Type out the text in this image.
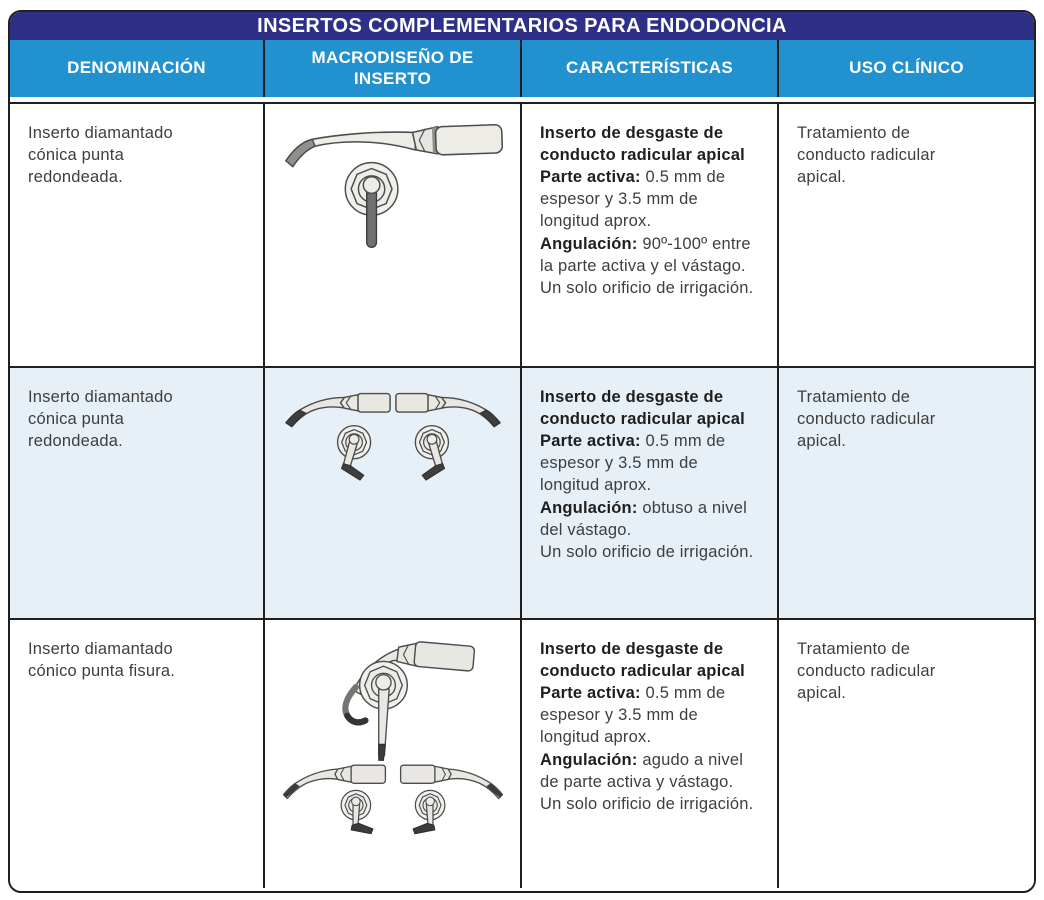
INSERTOS COMPLEMENTARIOS PARA ENDODONCIA
DENOMINACIÓN
MACRODISEÑO DE INSERTO
CARACTERÍSTICAS	USO CLÍNICO

Inserto diamantado cónica punta redondeada.

Inserto de desgaste de conducto radicular apical
Parte activa: 0.5 mm de espesor y 3.5 mm de longitud aprox.
Angulación: 90º-100º entre la parte activa y el vástago.
Un solo orificio de irrigación.

Tratamiento de conducto radicular apical.

Inserto diamantado cónica punta redondeada.

Inserto de desgaste de conducto radicular apical
Parte activa: 0.5 mm de espesor y 3.5 mm de longitud aprox.
Angulación: obtuso a nivel del vástago.
Un solo orificio de irrigación.

Tratamiento de conducto radicular apical.

Inserto diamantado cónico punta fisura.

Inserto de desgaste de conducto radicular apical
Parte activa: 0.5 mm de espesor y 3.5 mm de longitud aprox.
Angulación: agudo a nivel de parte activa y vástago.
Un solo orificio de irrigación.

Tratamiento de conducto radicular apical.
